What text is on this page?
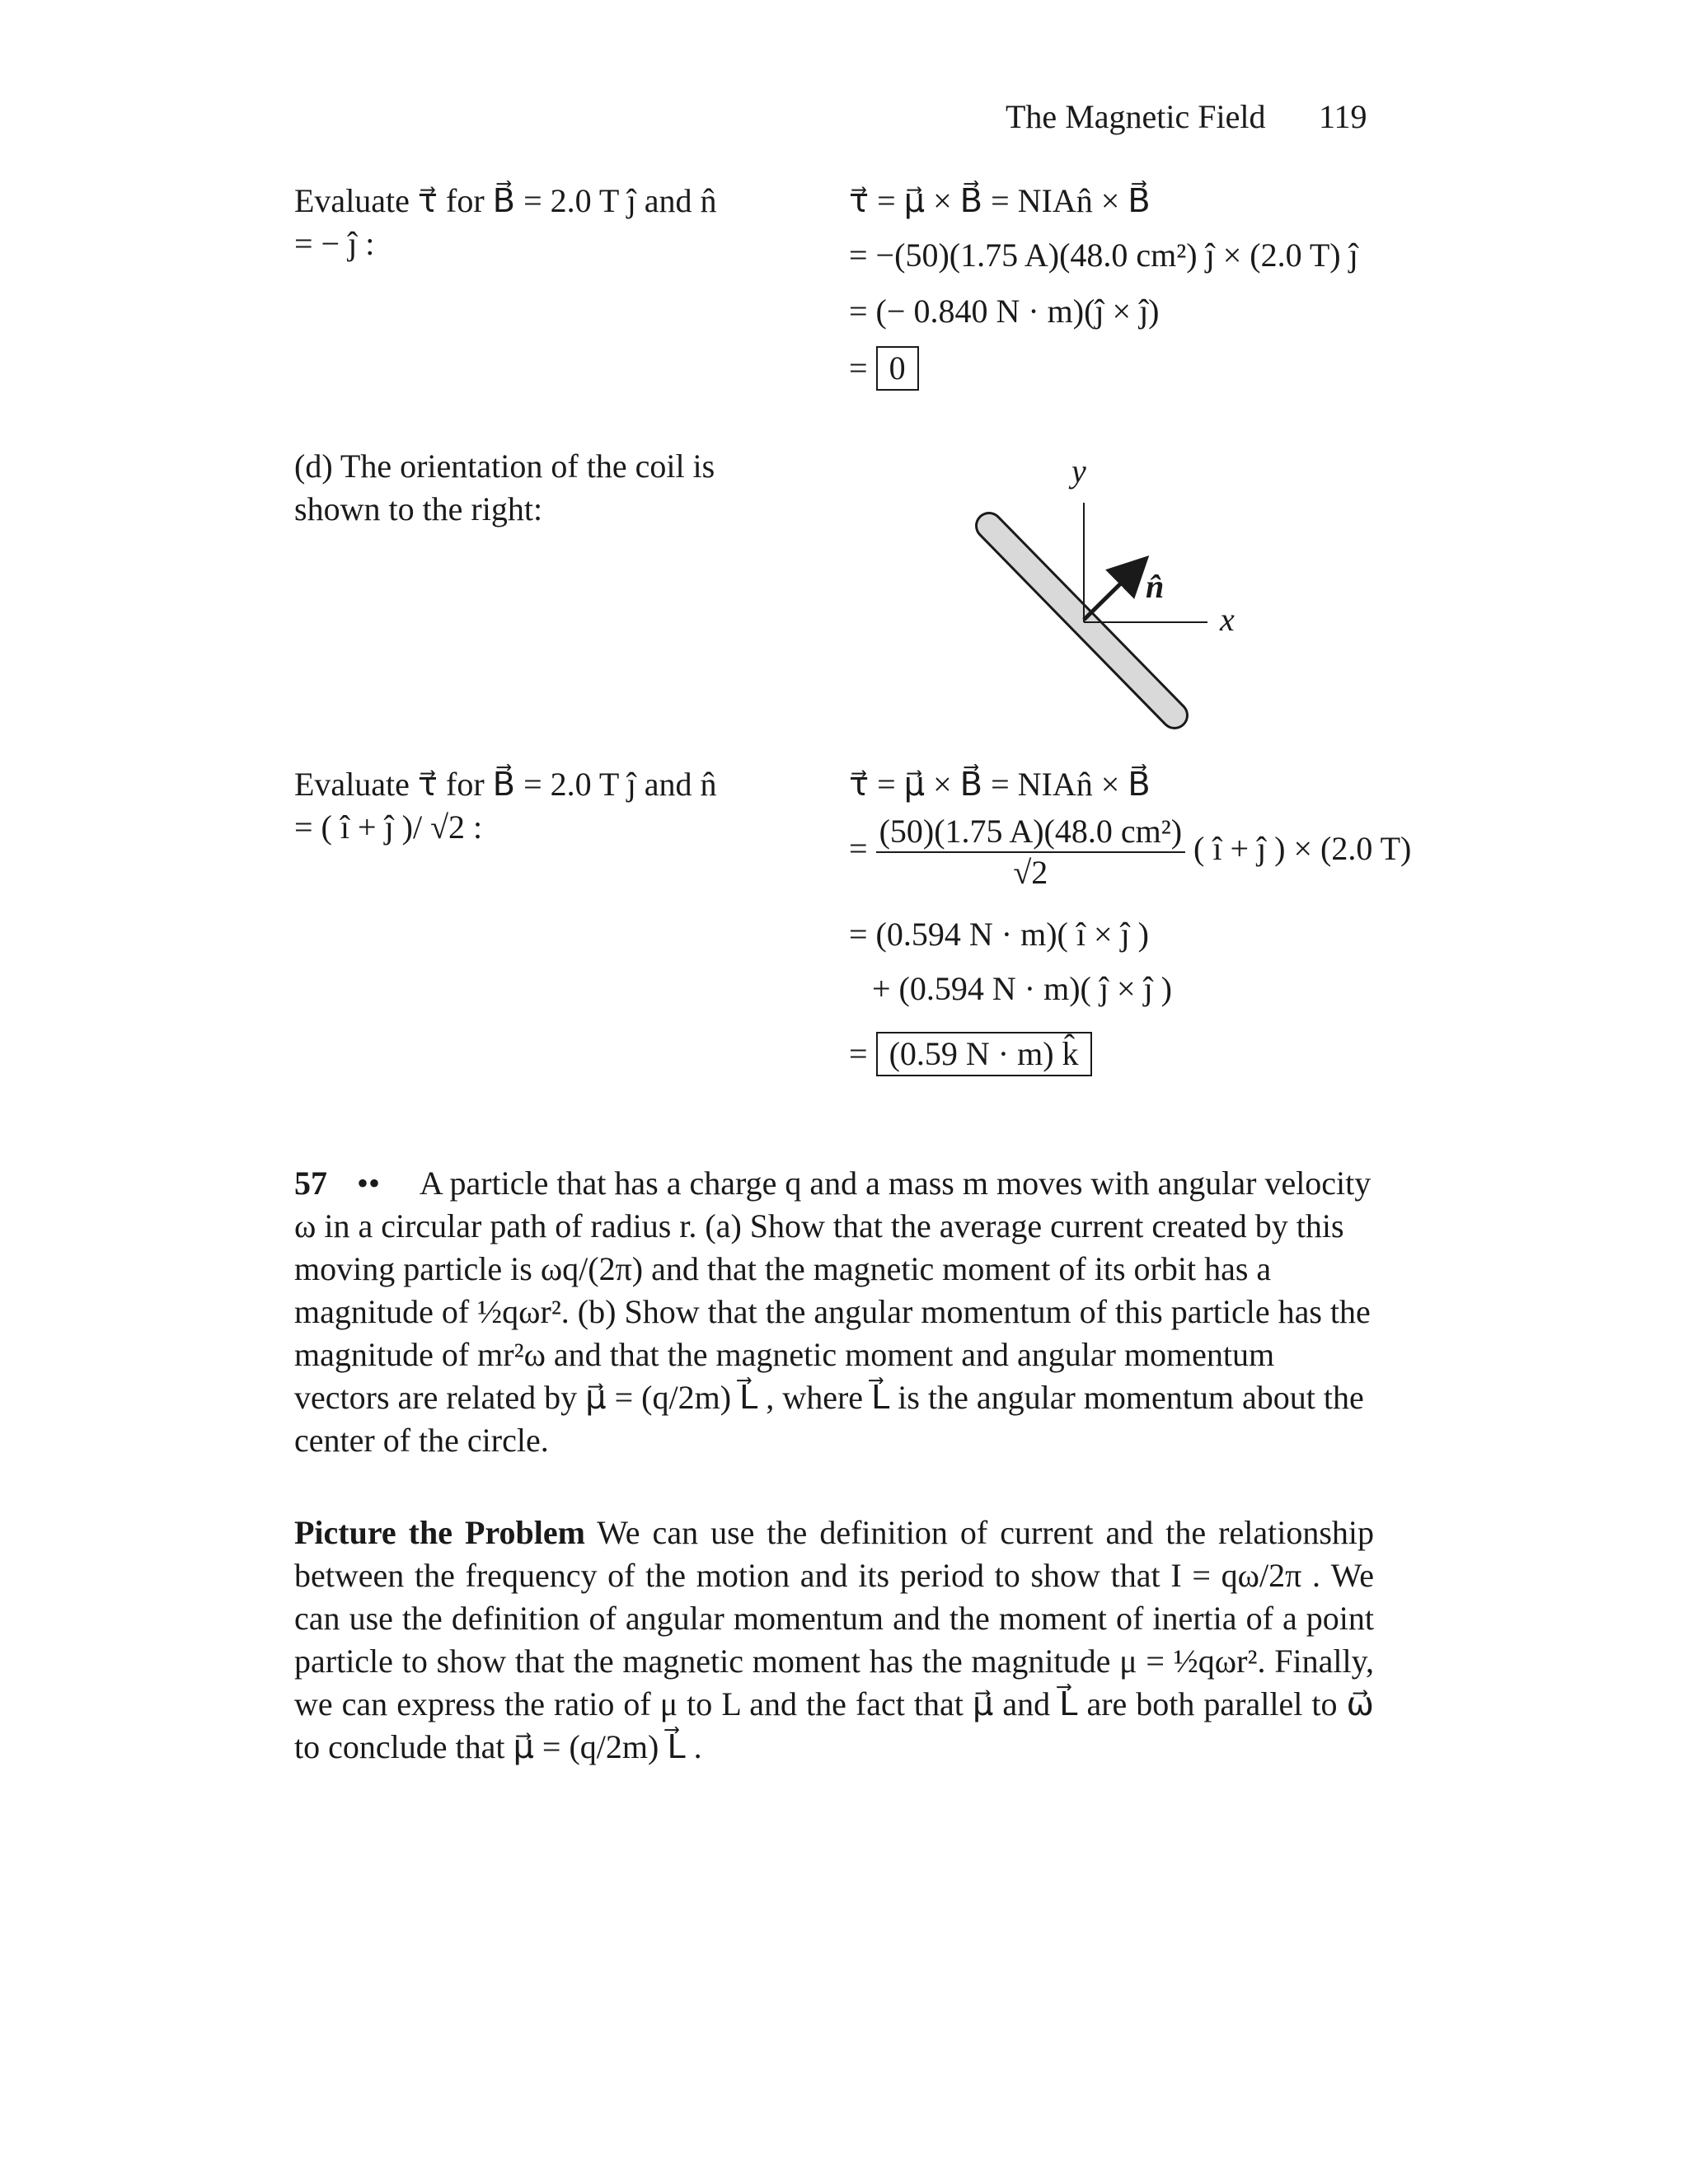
The Magnetic Field 119
Evaluate τ⃗ for B⃗ = 2.0 T ĵ and n̂
= − ĵ :
τ⃗ = μ⃗ × B⃗ = NIAn̂ × B⃗
= −(50)(1.75 A)(48.0 cm²) ĵ × (2.0 T) ĵ
= (− 0.840 N · m)(ĵ × ĵ)
= 0
(d) The orientation of the coil is
shown to the right:
y
x
n̂
Evaluate τ⃗ for B⃗ = 2.0 T ĵ and n̂
= ( î + ĵ )/ √2 :
τ⃗ = μ⃗ × B⃗ = NIAn̂ × B⃗
= $\frac{\text{(50)(1.75 A)(48.0 cm²)}}{√2}$ ( î + ĵ ) × (2.0 T)
= (0.594 N · m)( î × ĵ )
+ (0.594 N · m)( ĵ × ĵ )
= (0.59 N · m) k̂
57 •• A particle that has a charge q and a mass m moves with angular velocity ω in a circular path of radius r. (a) Show that the average current created by this moving particle is ωq/(2π) and that the magnetic moment of its orbit has a magnitude of ½qωr². (b) Show that the angular momentum of this particle has the magnitude of mr²ω and that the magnetic moment and angular momentum vectors are related by μ⃗ = (q/2m) L⃗ , where L⃗ is the angular momentum about the center of the circle.
Picture the Problem We can use the definition of current and the relationship between the frequency of the motion and its period to show that I = qω/2π . We can use the definition of angular momentum and the moment of inertia of a point particle to show that the magnetic moment has the magnitude μ = ½qωr². Finally, we can express the ratio of μ to L and the fact that μ⃗ and L⃗ are both parallel to ω⃗ to conclude that μ⃗ = (q/2m) L⃗ .
